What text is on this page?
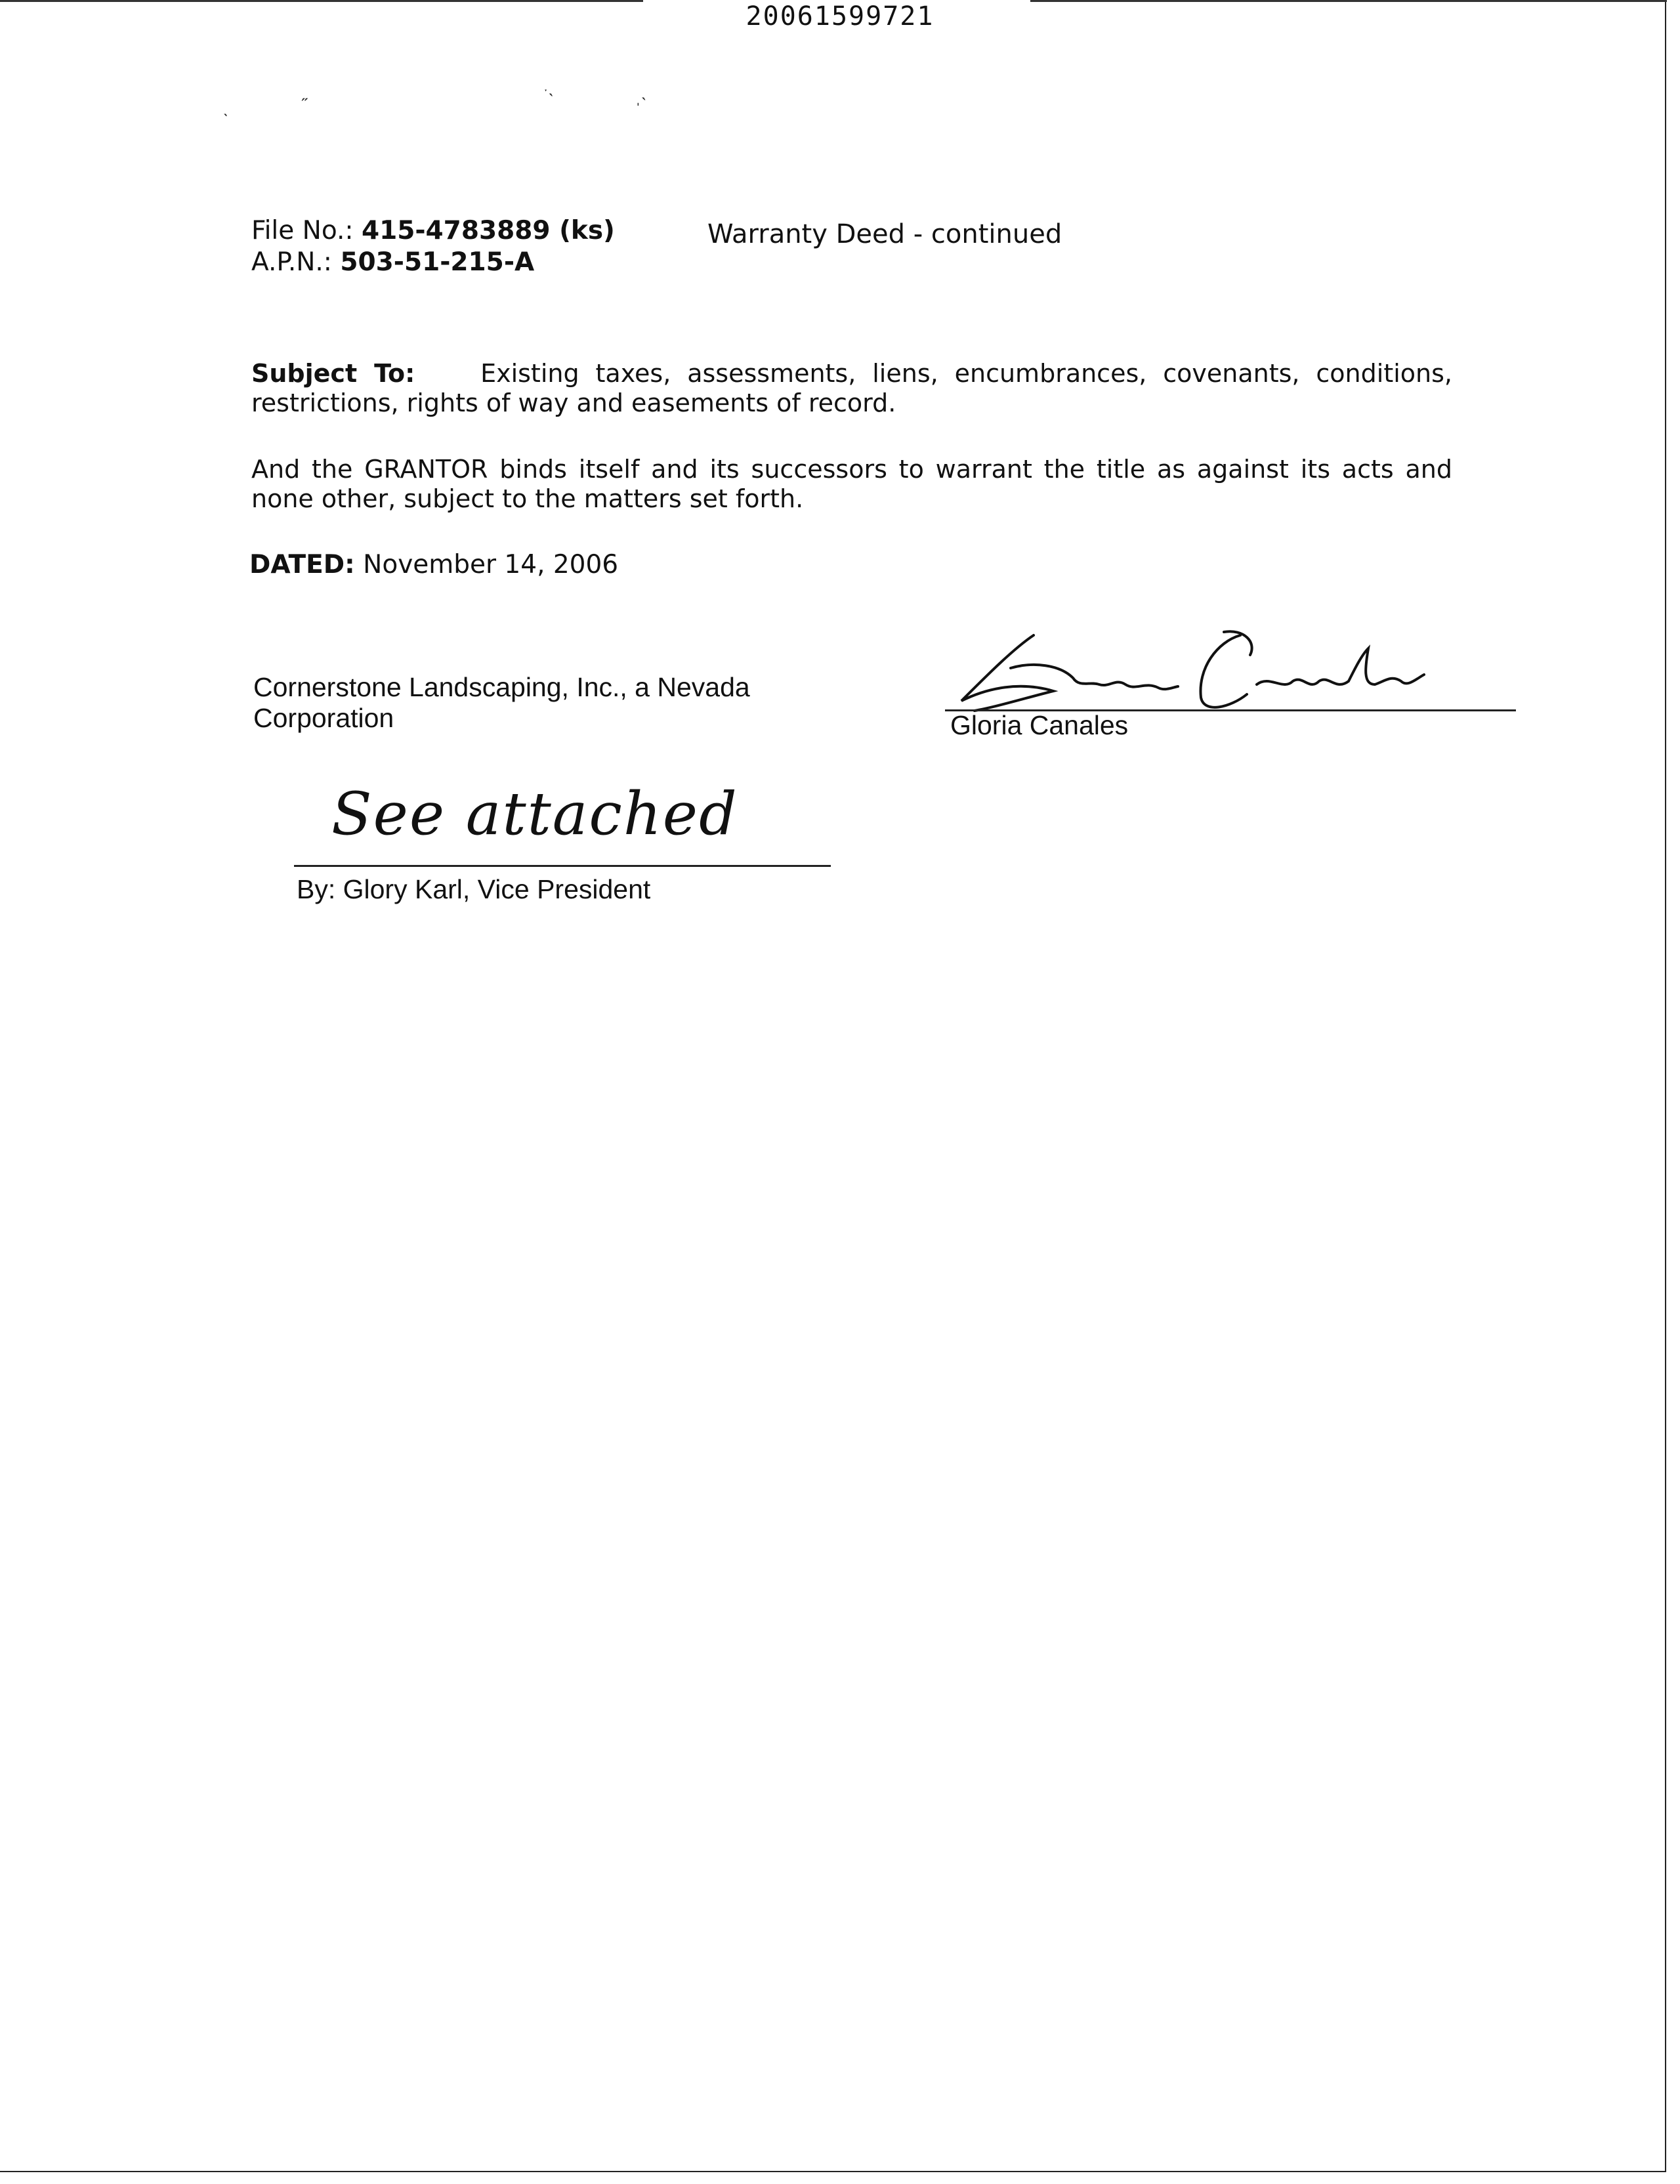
20061599721
ˎ	˶	ˑ˴	ˌ˴
File No.: 415-4783889 (ks)
A.P.N.: 503-51-215-A
Warranty Deed - continued
Subject To:	Existing taxes, assessments, liens, encumbrances, covenants, conditions, restrictions, rights of way and easements of record.
And the GRANTOR binds itself and its successors to warrant the title as against its acts and none other, subject to the matters set forth.
DATED: November 14, 2006
Cornerstone Landscaping, Inc., a Nevada Corporation	Gloria Canales
See attached
By: Glory Karl, Vice President
